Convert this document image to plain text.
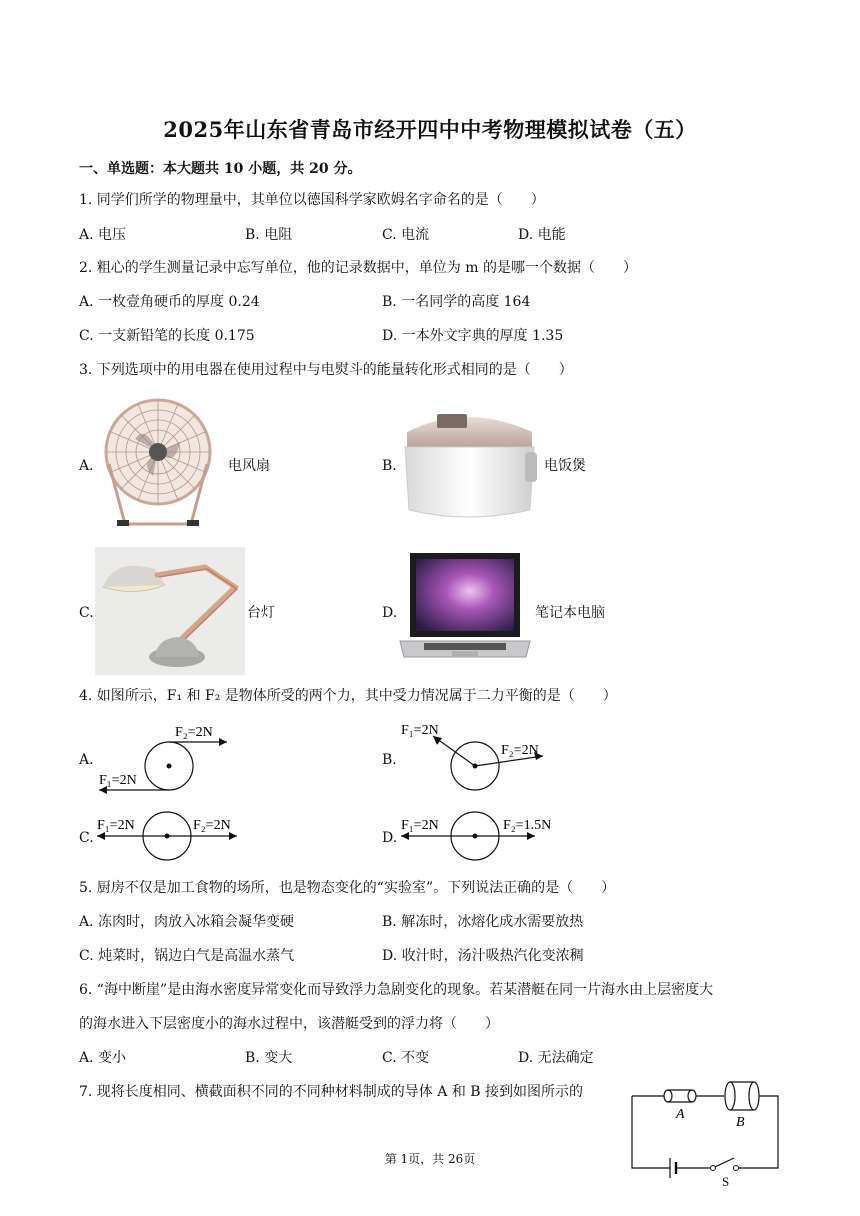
2025年山东省青岛市经开四中中考物理模拟试卷（五）
一、单选题：本大题共 10 小题，共 20 分。
1. 同学们所学的物理量中，其单位以德国科学家欧姆名字命名的是（　　）
A. 电压	B. 电阻	C. 电流	D. 电能
2. 粗心的学生测量记录中忘写单位，他的记录数据中，单位为 m 的是哪一个数据（　　）
A. 一枚壹角硬币的厚度 0.24	B. 一名同学的高度 164
C. 一支新铅笔的长度 0.175	D. 一本外文字典的厚度 1.35
3. 下列选项中的用电器在使用过程中与电熨斗的能量转化形式相同的是（　　）
A.	电风扇	B.	电饭煲
C.	台灯	D.	笔记本电脑
4. 如图所示，F₁ 和 F₂ 是物体所受的两个力，其中受力情况属于二力平衡的是（　　）
A.
F₂=2N
F₁=2N
B.
F₁=2N
F₂=2N
C.
F₁=2N	F₂=2N
D.
F₁=2N	F₂=1.5N
5. 厨房不仅是加工食物的场所，也是物态变化的“实验室”。下列说法正确的是（　　）
A. 冻肉时，肉放入冰箱会凝华变硬	B. 解冻时，冰熔化成水需要放热
C. 炖菜时，锅边白气是高温水蒸气	D. 收汁时，汤汁吸热汽化变浓稠
6. “海中断崖”是由海水密度异常变化而导致浮力急剧变化的现象。若某潜艇在同一片海水由上层密度大
的海水进入下层密度小的海水过程中，该潜艇受到的浮力将（　　）
A. 变小	B. 变大	C. 不变	D. 无法确定
7. 现将长度相同、横截面积不同的不同种材料制成的导体 A 和 B 接到如图所示的
A
B
S
第 1页，共 26页
